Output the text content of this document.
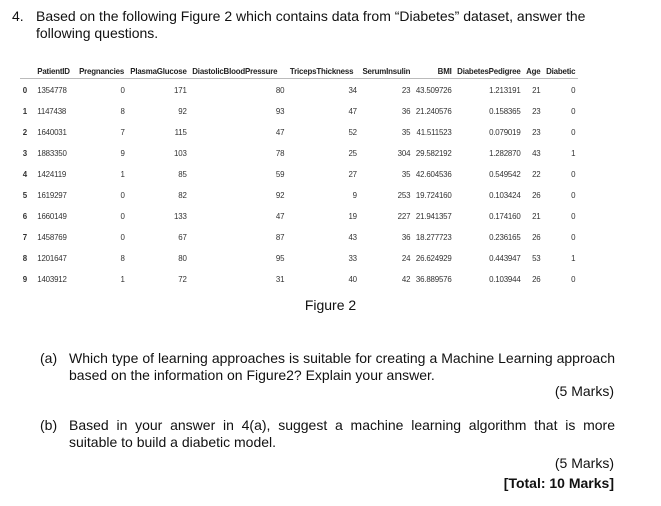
4. Based on the following Figure 2 which contains data from “Diabetes” dataset, answer the following questions.
	PatientID	Pregnancies	PlasmaGlucose	DiastolicBloodPressure	TricepsThickness	SerumInsulin	BMI	DiabetesPedigree	Age	Diabetic
0	1354778	0	171	80	34	23	43.509726	1.213191	21	0
1	1147438	8	92	93	47	36	21.240576	0.158365	23	0
2	1640031	7	115	47	52	35	41.511523	0.079019	23	0
3	1883350	9	103	78	25	304	29.582192	1.282870	43	1
4	1424119	1	85	59	27	35	42.604536	0.549542	22	0
5	1619297	0	82	92	9	253	19.724160	0.103424	26	0
6	1660149	0	133	47	19	227	21.941357	0.174160	21	0
7	1458769	0	67	87	43	36	18.277723	0.236165	26	0
8	1201647	8	80	95	33	24	26.624929	0.443947	53	1
9	1403912	1	72	31	40	42	36.889576	0.103944	26	0
Figure 2
(a) Which type of learning approaches is suitable for creating a Machine Learning approach based on the information on Figure2? Explain your answer.
(5 Marks)
(b) Based in your answer in 4(a), suggest a machine learning algorithm that is more suitable to build a diabetic model.
(5 Marks)
[Total: 10 Marks]
